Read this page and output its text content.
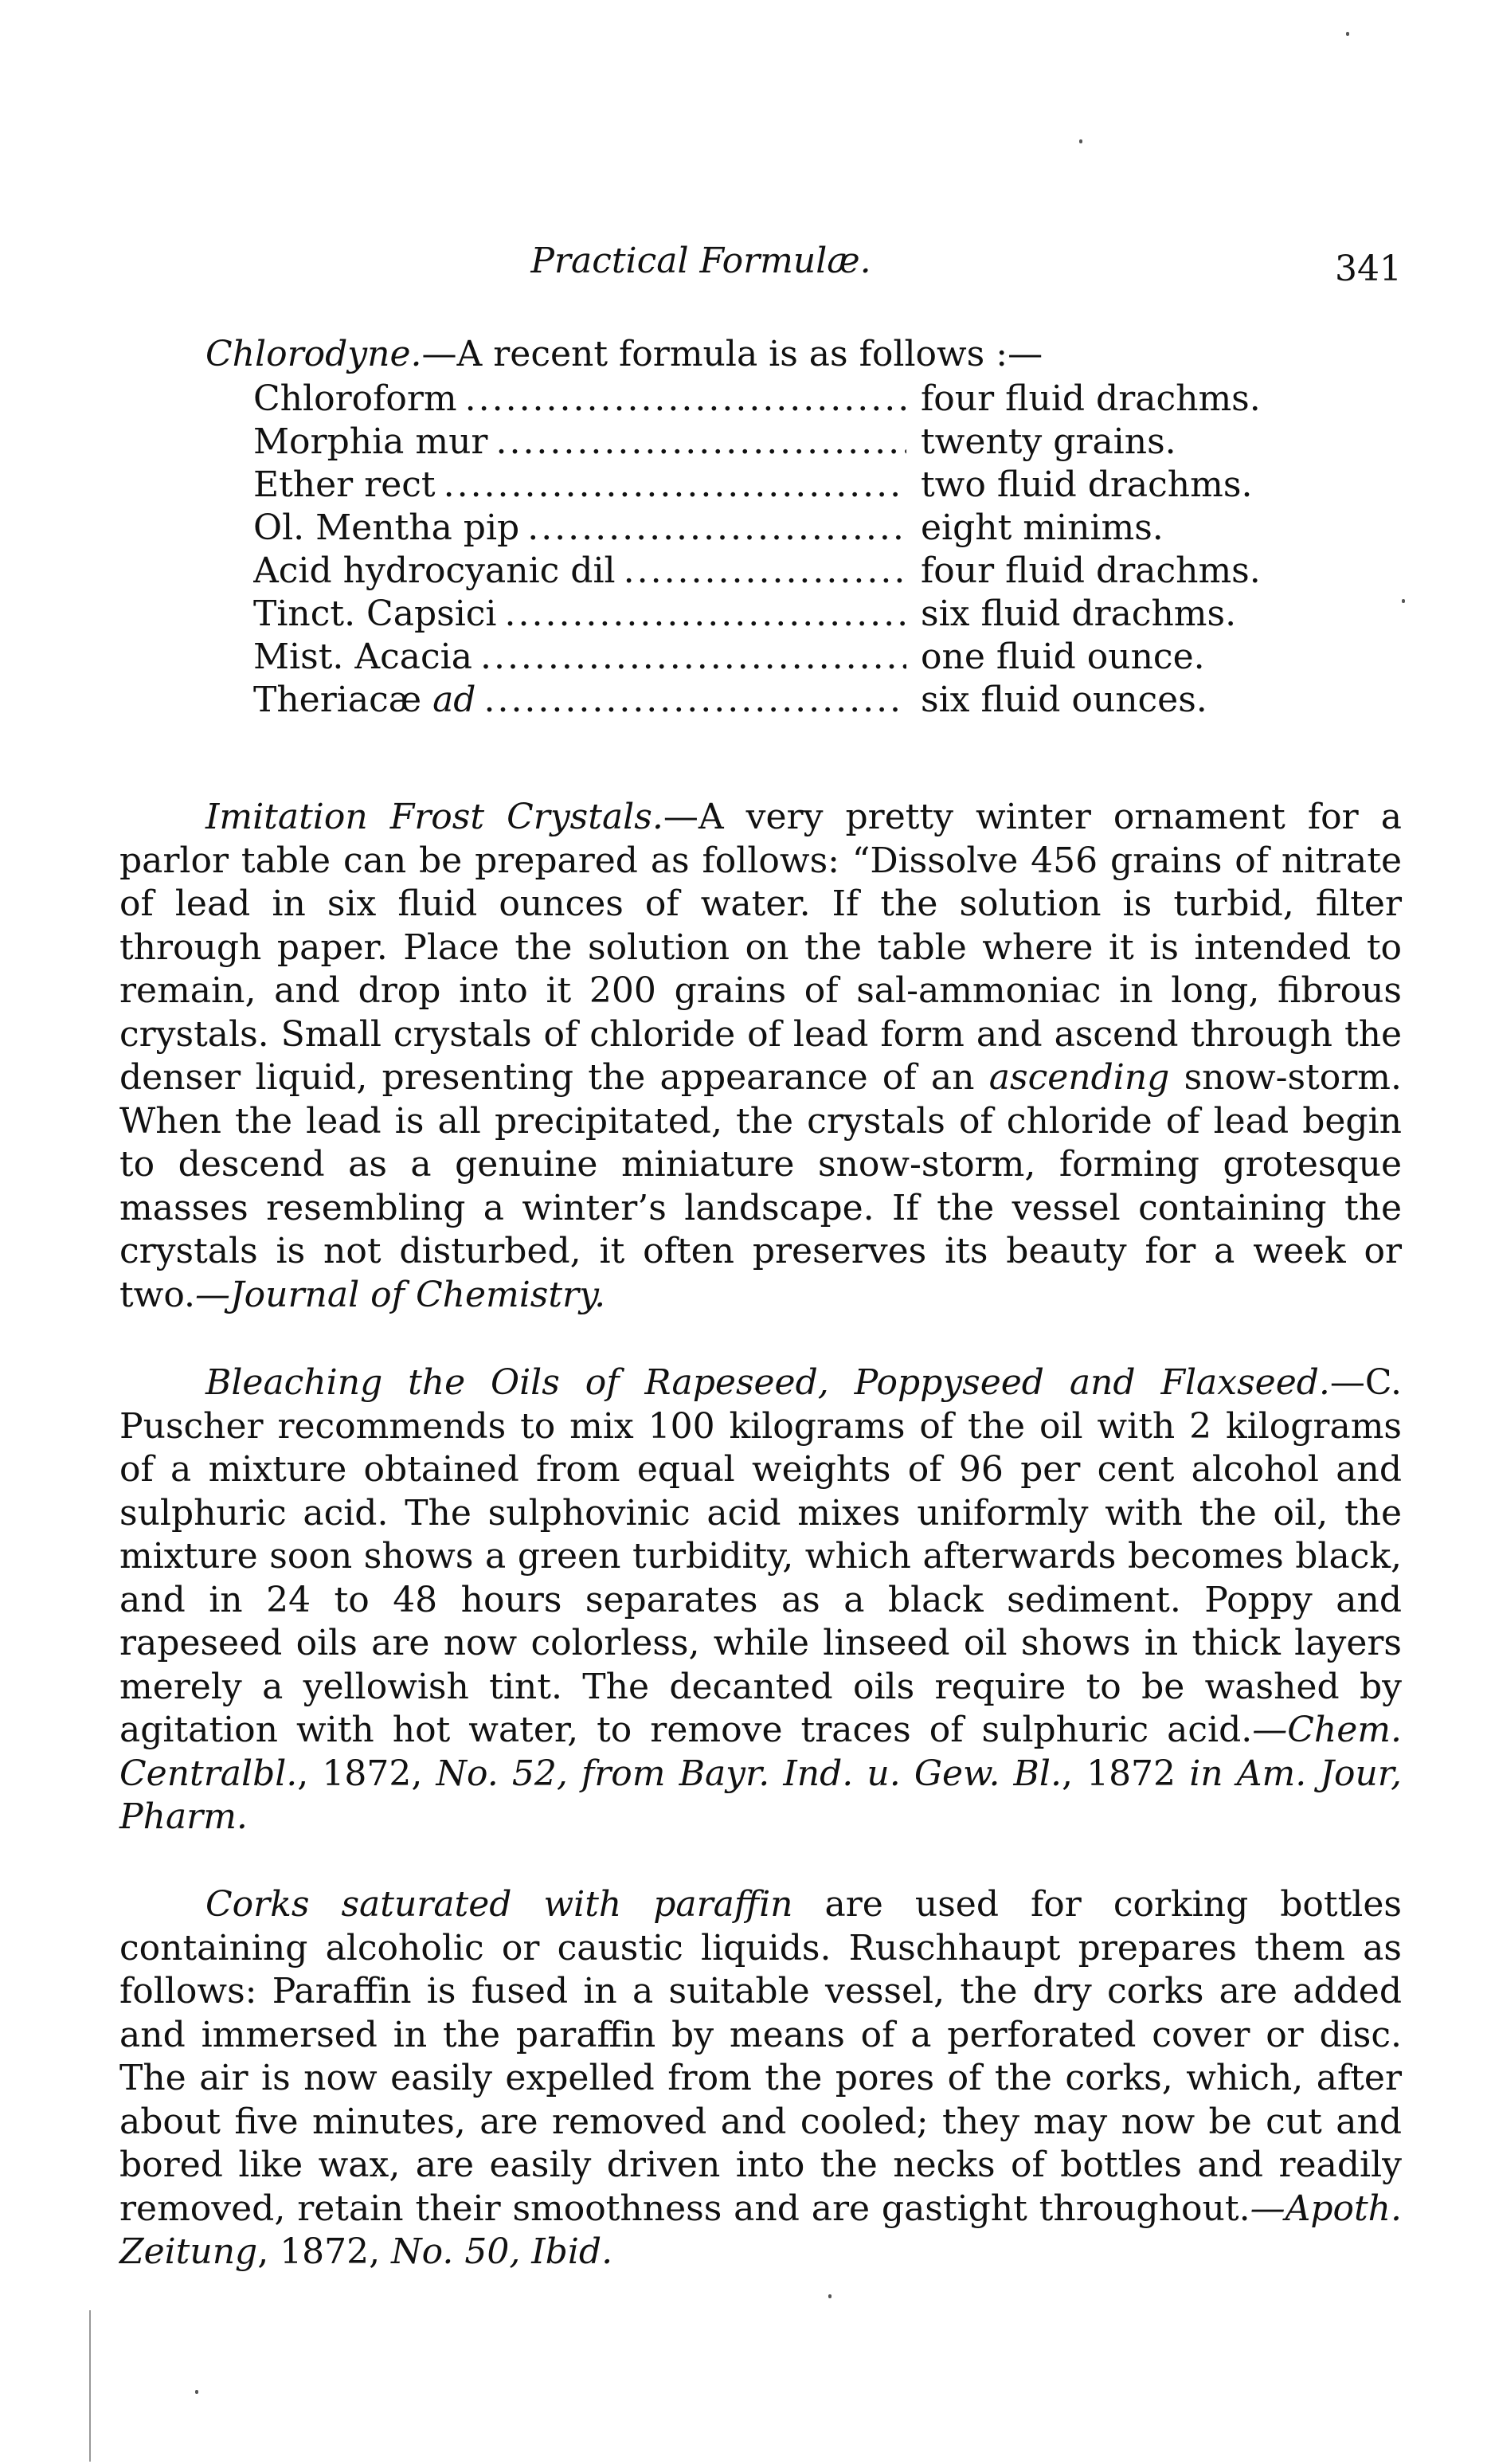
Practical Formulæ.	341
Chlorodyne.—A recent formula is as follows :—
Chloroform .....	four fluid drachms.
Morphia mur .....	twenty grains.
Ether rect .....	two fluid drachms.
Ol. Mentha pip .....	eight minims.
Acid hydrocyanic dil .....	four fluid drachms.
Tinct. Capsici .....	six fluid drachms.
Mist. Acacia .....	one fluid ounce.
Theriacæ ad .....	six fluid ounces.

Imitation Frost Crystals.—A very pretty winter ornament for a parlor table can be prepared as follows: “Dissolve 456 grains of nitrate of lead in six fluid ounces of water. If the solution is turbid, filter through paper. Place the solution on the table where it is intended to remain, and drop into it 200 grains of sal-ammoniac in long, fibrous crystals. Small crystals of chloride of lead form and ascend through the denser liquid, presenting the appearance of an ascending snow-storm. When the lead is all precipitated, the crystals of chloride of lead begin to descend as a genuine miniature snow-storm, forming grotesque masses resembling a winter’s landscape. If the vessel containing the crystals is not disturbed, it often preserves its beauty for a week or two.—Journal of Chemistry.

Bleaching the Oils of Rapeseed, Poppyseed and Flaxseed.—C. Puscher recommends to mix 100 kilograms of the oil with 2 kilograms of a mixture obtained from equal weights of 96 per cent alcohol and sulphuric acid. The sulphovinic acid mixes uniformly with the oil, the mixture soon shows a green turbidity, which afterwards becomes black, and in 24 to 48 hours separates as a black sediment. Poppy and rapeseed oils are now colorless, while linseed oil shows in thick layers merely a yellowish tint. The decanted oils require to be washed by agitation with hot water, to remove traces of sulphuric acid.—Chem. Centralbl., 1872, No. 52, from Bayr. Ind. u. Gew. Bl., 1872 in Am. Jour, Pharm.

Corks saturated with paraffin are used for corking bottles containing alcoholic or caustic liquids. Ruschhaupt prepares them as follows: Paraffin is fused in a suitable vessel, the dry corks are added and immersed in the paraffin by means of a perforated cover or disc. The air is now easily expelled from the pores of the corks, which, after about five minutes, are removed and cooled; they may now be cut and bored like wax, are easily driven into the necks of bottles and readily removed, retain their smoothness and are gastight throughout.—Apoth. Zeitung, 1872, No. 50, Ibid.
